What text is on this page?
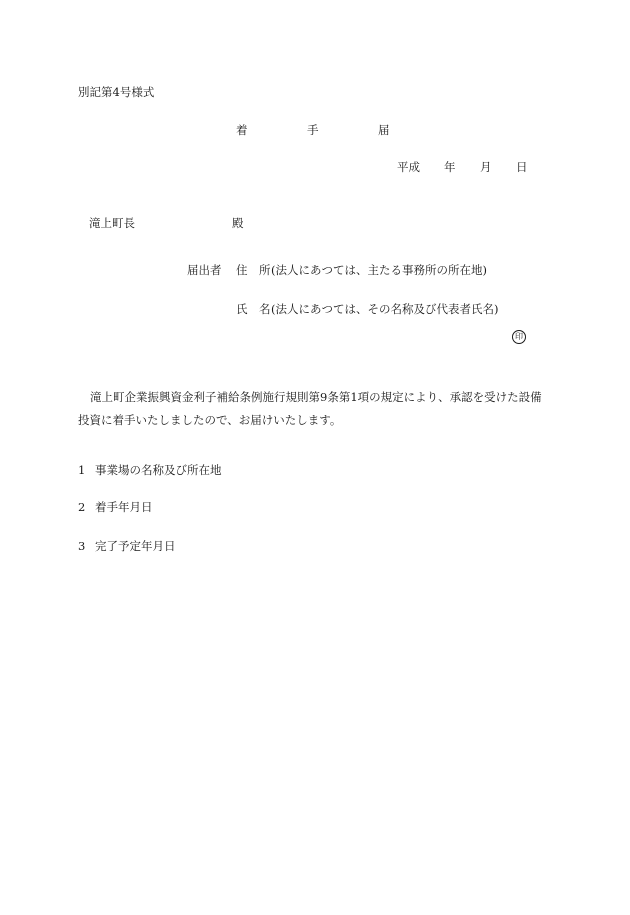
別記第4号様式
着	手	届
平成 年 月 日
滝上町長	殿
届出者 住 所 (法人にあつては、主たる事務所の所在地)
氏 名 (法人にあつては、その名称及び代表者氏名)
印
滝上町企業振興資金利子補給条例施行規則第9条第1項の規定により、承認を受けた設備投資に着手いたしましたので、お届けいたします。
1 事業場の名称及び所在地
2 着手年月日
3 完了予定年月日
